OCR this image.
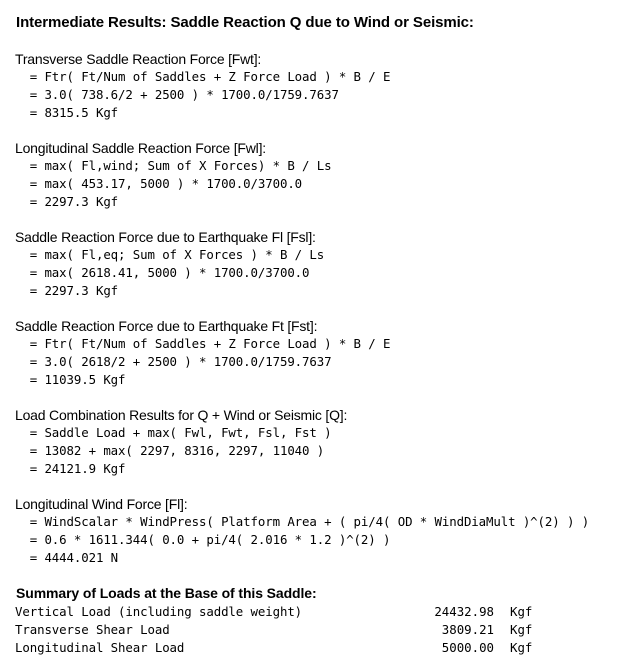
Intermediate Results: Saddle Reaction Q due to Wind or Seismic:
Transverse Saddle Reaction Force [Fwt]:
= Ftr( Ft/Num of Saddles + Z Force Load ) * B / E
= 3.0( 738.6/2 + 2500 ) * 1700.0/1759.7637
= 8315.5 Kgf
Longitudinal Saddle Reaction Force [Fwl]:
= max( Fl,wind; Sum of X Forces) * B / Ls
= max( 453.17, 5000 ) * 1700.0/3700.0
= 2297.3 Kgf
Saddle Reaction Force due to Earthquake Fl [Fsl]:
= max( Fl,eq; Sum of X Forces ) * B / Ls
= max( 2618.41, 5000 ) * 1700.0/3700.0
= 2297.3 Kgf
Saddle Reaction Force due to Earthquake Ft [Fst]:
= Ftr( Ft/Num of Saddles + Z Force Load ) * B / E
= 3.0( 2618/2 + 2500 ) * 1700.0/1759.7637
= 11039.5 Kgf
Load Combination Results for Q + Wind or Seismic [Q]:
= Saddle Load + max( Fwl, Fwt, Fsl, Fst )
= 13082 + max( 2297, 8316, 2297, 11040 )
= 24121.9 Kgf
Longitudinal Wind Force [Fl]:
= WindScalar * WindPress( Platform Area + ( pi/4( OD * WindDiaMult )^(2) ) )
= 0.6 * 1611.344( 0.0 + pi/4( 2.016 * 1.2 )^(2) )
= 4444.021 N
Summary of Loads at the Base of this Saddle:
Vertical Load (including saddle weight)	24432.98 Kgf
Transverse Shear Load	3809.21 Kgf
Longitudinal Shear Load	5000.00 Kgf
